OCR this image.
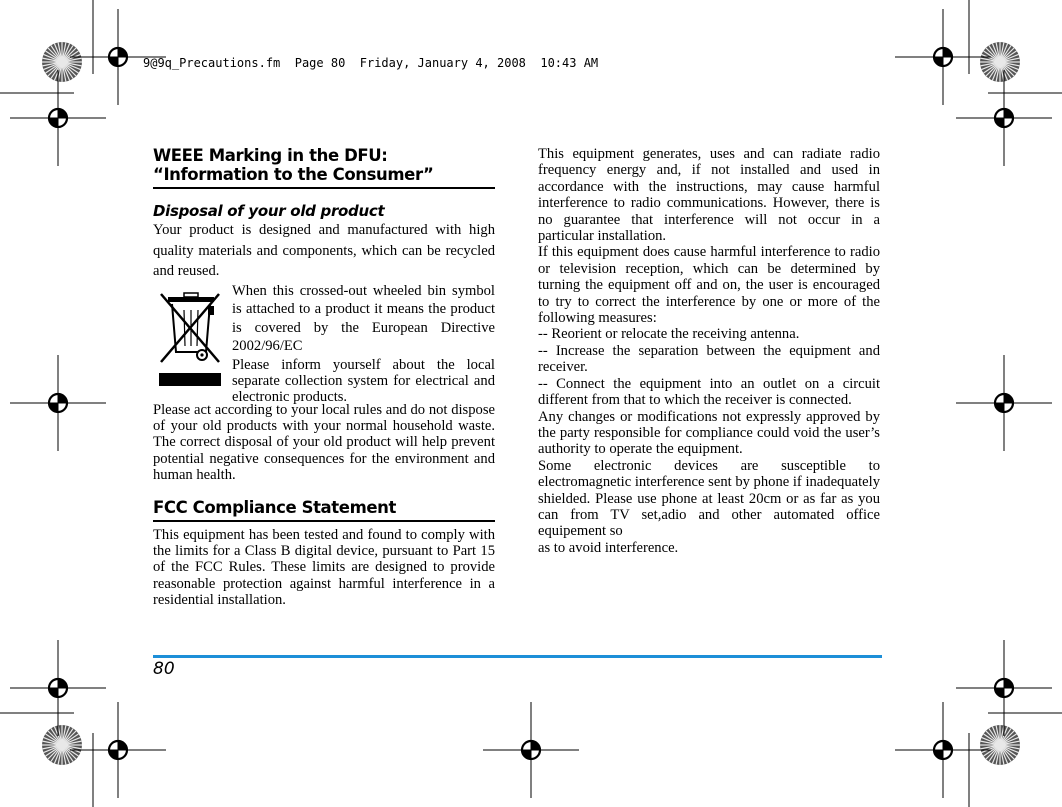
9@9q_Precautions.fm  Page 80  Friday, January 4, 2008  10:43 AM
WEEE Marking in the DFU: “Information to the Consumer”
Disposal of your old product

Your product is designed and manufactured with high quality materials and components, which can be recycled and reused.

When this crossed-out wheeled bin symbol is attached to a product it means the product is covered by the European Directive 2002/96/EC

Please inform yourself about the local separate collection system for electrical and electronic products.

Please act according to your local rules and do not dispose of your old products with your normal household waste. The correct disposal of your old product will help prevent potential negative consequences for the environment and human health.

FCC Compliance Statement

This equipment has been tested and found to comply with the limits for a Class B digital device, pursuant to Part 15 of the FCC Rules. These limits are designed to provide reasonable protection against harmful interference in a residential installation.

This equipment generates, uses and can radiate radio frequency energy and, if not installed and used in accordance with the instructions, may cause harmful interference to radio communications. However, there is no guarantee that interference will not occur in a particular installation.

If this equipment does cause harmful interference to radio or television reception, which can be determined by turning the equipment off and on, the user is encouraged to try to correct the interference by one or more of the following measures:

-- Reorient or relocate the receiving antenna.

-- Increase the separation between the equipment and receiver.

-- Connect the equipment into an outlet on a circuit different from that to which the receiver is connected.

Any changes or modifications not expressly approved by the party responsible for compliance could void the user’s authority to operate the equipment.

Some electronic devices are susceptible to electromagnetic interference sent by phone if inadequately shielded. Please use phone at least 20cm or as far as you can from TV set,adio and other automated office equipement so

as to avoid interference.

80
